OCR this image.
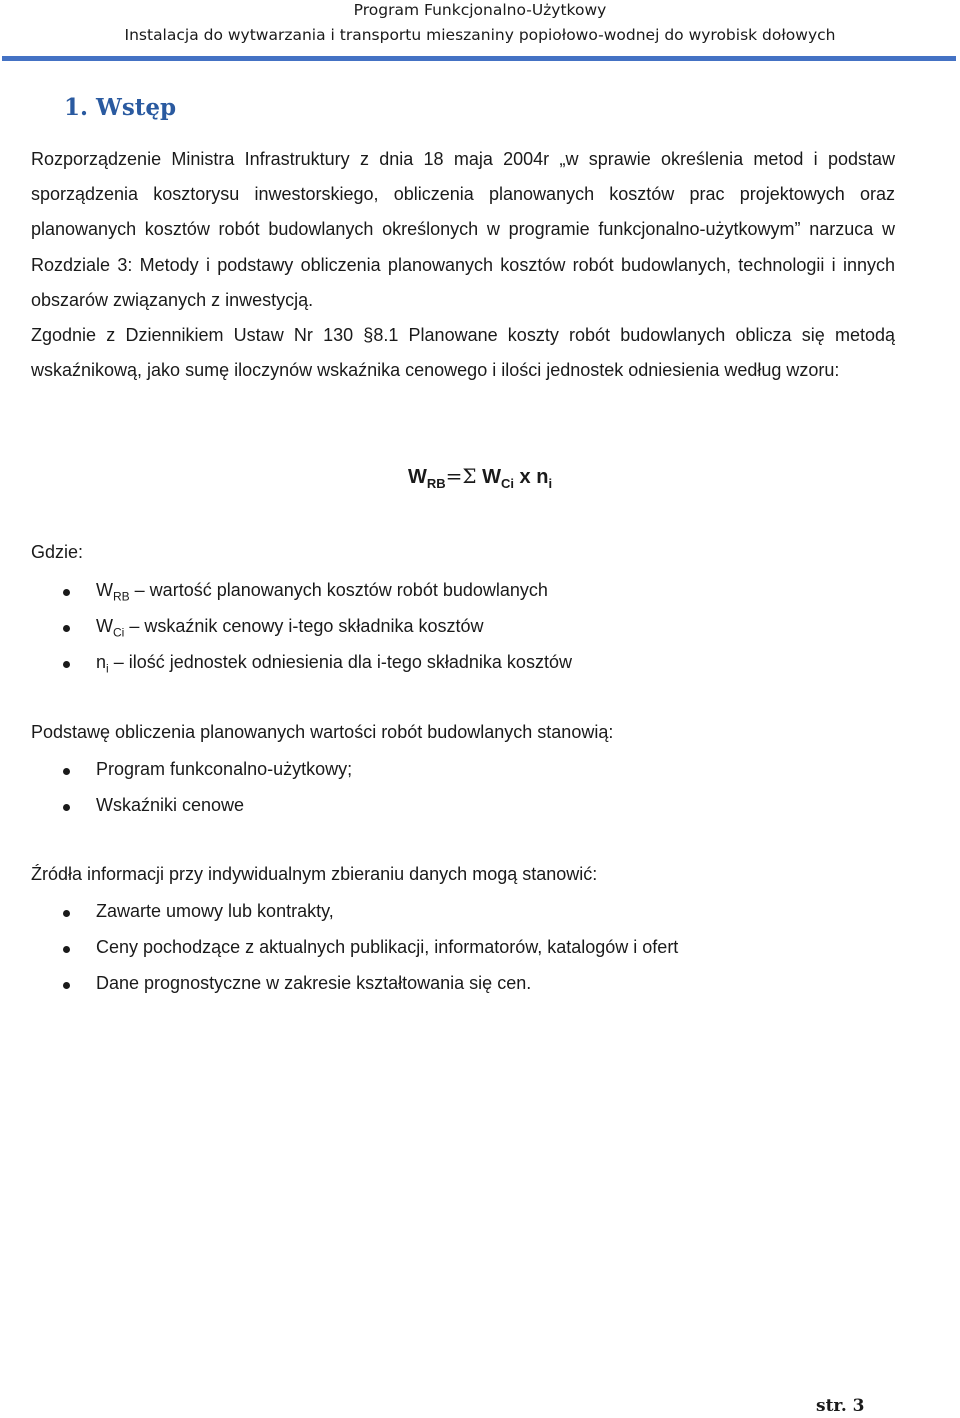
Program Funkcjonalno-Użytkowy
Instalacja do wytwarzania i transportu mieszaniny popiołowo-wodnej do wyrobisk dołowych
1. Wstęp
Rozporządzenie Ministra Infrastruktury z dnia 18 maja 2004r „w sprawie określenia metod i podstaw sporządzenia kosztorysu inwestorskiego, obliczenia planowanych kosztów prac projektowych oraz planowanych kosztów robót budowlanych określonych w programie funkcjonalno-użytkowym” narzuca w Rozdziale 3: Metody i podstawy obliczenia planowanych kosztów robót budowlanych, technologii i innych obszarów związanych z inwestycją.
Zgodnie z Dziennikiem Ustaw Nr 130 §8.1 Planowane koszty robót budowlanych oblicza się metodą wskaźnikową, jako sumę iloczynów wskaźnika cenowego i ilości jednostek odniesienia według wzoru:
$W_{RB}=\Sigma$ $W_{Ci}$ x $n_i$
Gdzie:
$W_{RB}$ – wartość planowanych kosztów robót budowlanych
$W_{Ci}$ – wskaźnik cenowy i-tego składnika kosztów
$n_i$ – ilość jednostek odniesienia dla i-tego składnika kosztów
Podstawę obliczenia planowanych wartości robót budowlanych stanowią:
Program funkconalno-użytkowy;
Wskaźniki cenowe
Źródła informacji przy indywidualnym zbieraniu danych mogą stanowić:
Zawarte umowy lub kontrakty,
Ceny pochodzące z aktualnych publikacji, informatorów, katalogów i ofert
Dane prognostyczne w zakresie kształtowania się cen.
str. 3
